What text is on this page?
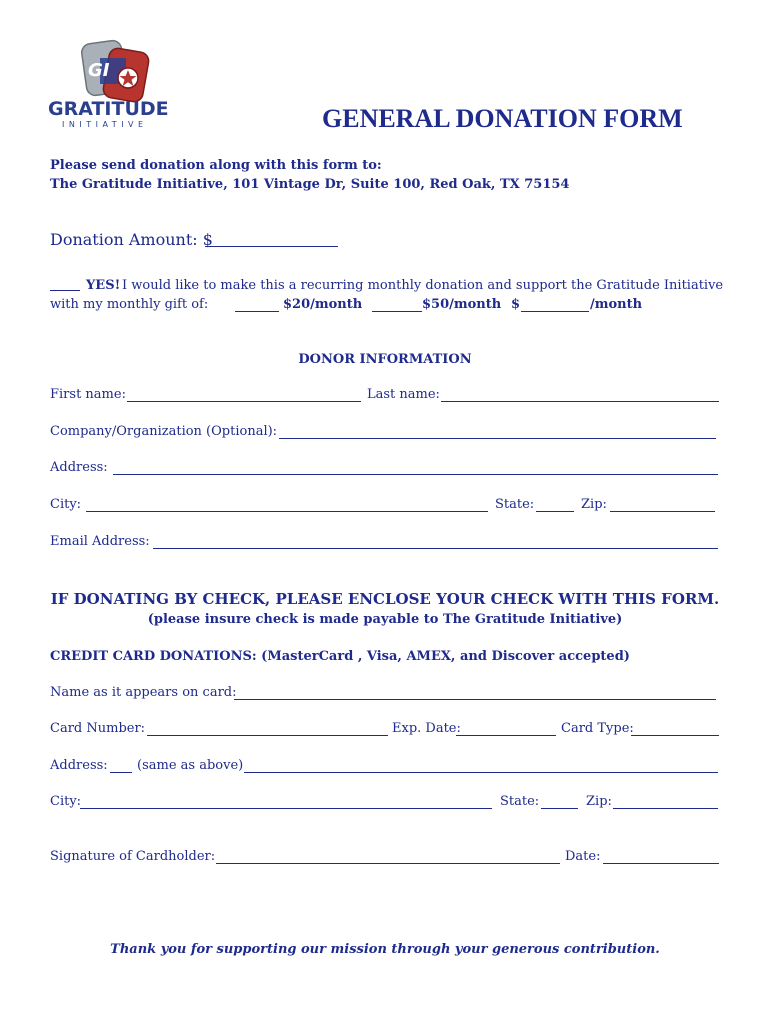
GI
GRATITUDE
INITIATIVE	GENERAL DONATION FORM
Please send donation along with this form to:
The Gratitude Initiative, 101 Vintage Dr, Suite 100, Red Oak, TX 75154
Donation Amount: $
YES! I would like to make this a recurring monthly donation and support the Gratitude Initiative
with my monthly gift of:	$20/month	$50/month $	/month
DONOR INFORMATION
First name:	Last name:
Company/Organization (Optional):
Address:
City:	State:	Zip:
Email Address:
IF DONATING BY CHECK, PLEASE ENCLOSE YOUR CHECK WITH THIS FORM.
(please insure check is made payable to The Gratitude Initiative)
CREDIT CARD DONATIONS: (MasterCard , Visa, AMEX, and Discover accepted)
Name as it appears on card:
Card Number:	Exp. Date:	Card Type:
Address: (same as above)
City:	State:	Zip:
Signature of Cardholder:	Date:
Thank you for supporting our mission through your generous contribution.
